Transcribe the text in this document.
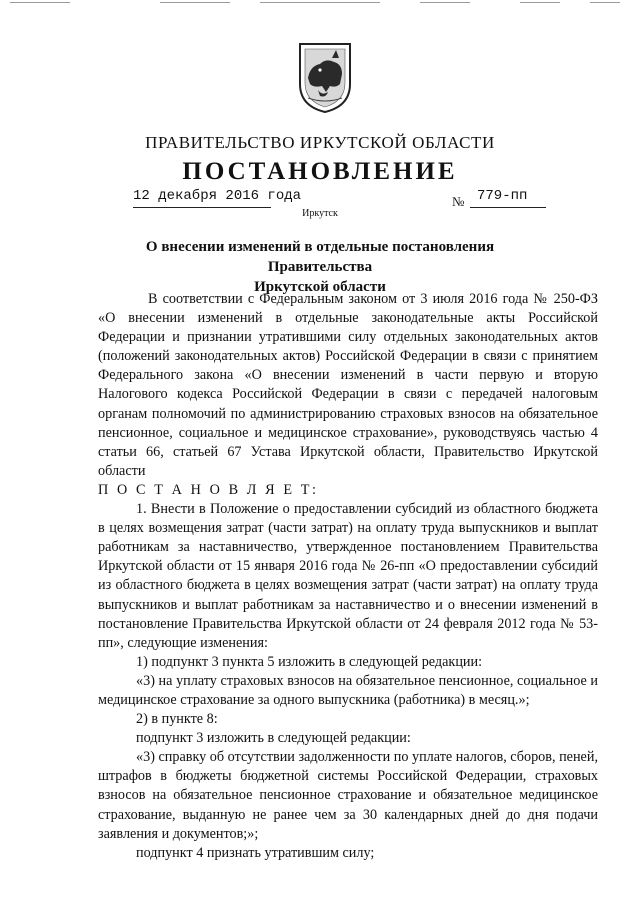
ПРАВИТЕЛЬСТВО ИРКУТСКОЙ ОБЛАСТИ
ПОСТАНОВЛЕНИЕ
12 декабря 2016 года	№ 779-пп
Иркутск
О внесении изменений в отдельные постановления Правительства
Иркутской области

В соответствии с Федеральным законом от 3 июля 2016 года № 250-ФЗ «О внесении изменений в отдельные законодательные акты Российской Федерации и признании утратившими силу отдельных законодательных актов (положений законодательных актов) Российской Федерации в связи с принятием Федерального закона «О внесении изменений в части первую и вторую Налогового кодекса Российской Федерации в связи с передачей налоговым органам полномочий по администрированию страховых взносов на обязательное пенсионное, социальное и медицинское страхование», руководствуясь частью 4 статьи 66, статьей 67 Устава Иркутской области, Правительство Иркутской области

П О С Т А Н О В Л Я Е Т:

1. Внести в Положение о предоставлении субсидий из областного бюджета в целях возмещения затрат (части затрат) на оплату труда выпускников и выплат работникам за наставничество, утвержденное постановлением Правительства Иркутской области от 15 января 2016 года № 26-пп «О предоставлении субсидий из областного бюджета в целях возмещения затрат (части затрат) на оплату труда выпускников и выплат работникам за наставничество и о внесении изменений в постановление Правительства Иркутской области от 24 февраля 2012 года № 53-пп», следующие изменения:

1) подпункт 3 пункта 5 изложить в следующей редакции:

«3) на уплату страховых взносов на обязательное пенсионное, социальное и медицинское страхование за одного выпускника (работника) в месяц.»;

2) в пункте 8:

подпункт 3 изложить в следующей редакции:

«3) справку об отсутствии задолженности по уплате налогов, сборов, пеней, штрафов в бюджеты бюджетной системы Российской Федерации, страховых взносов на обязательное пенсионное страхование и обязательное медицинское страхование, выданную не ранее чем за 30 календарных дней до дня подачи заявления и документов;»;

подпункт 4 признать утратившим силу;
